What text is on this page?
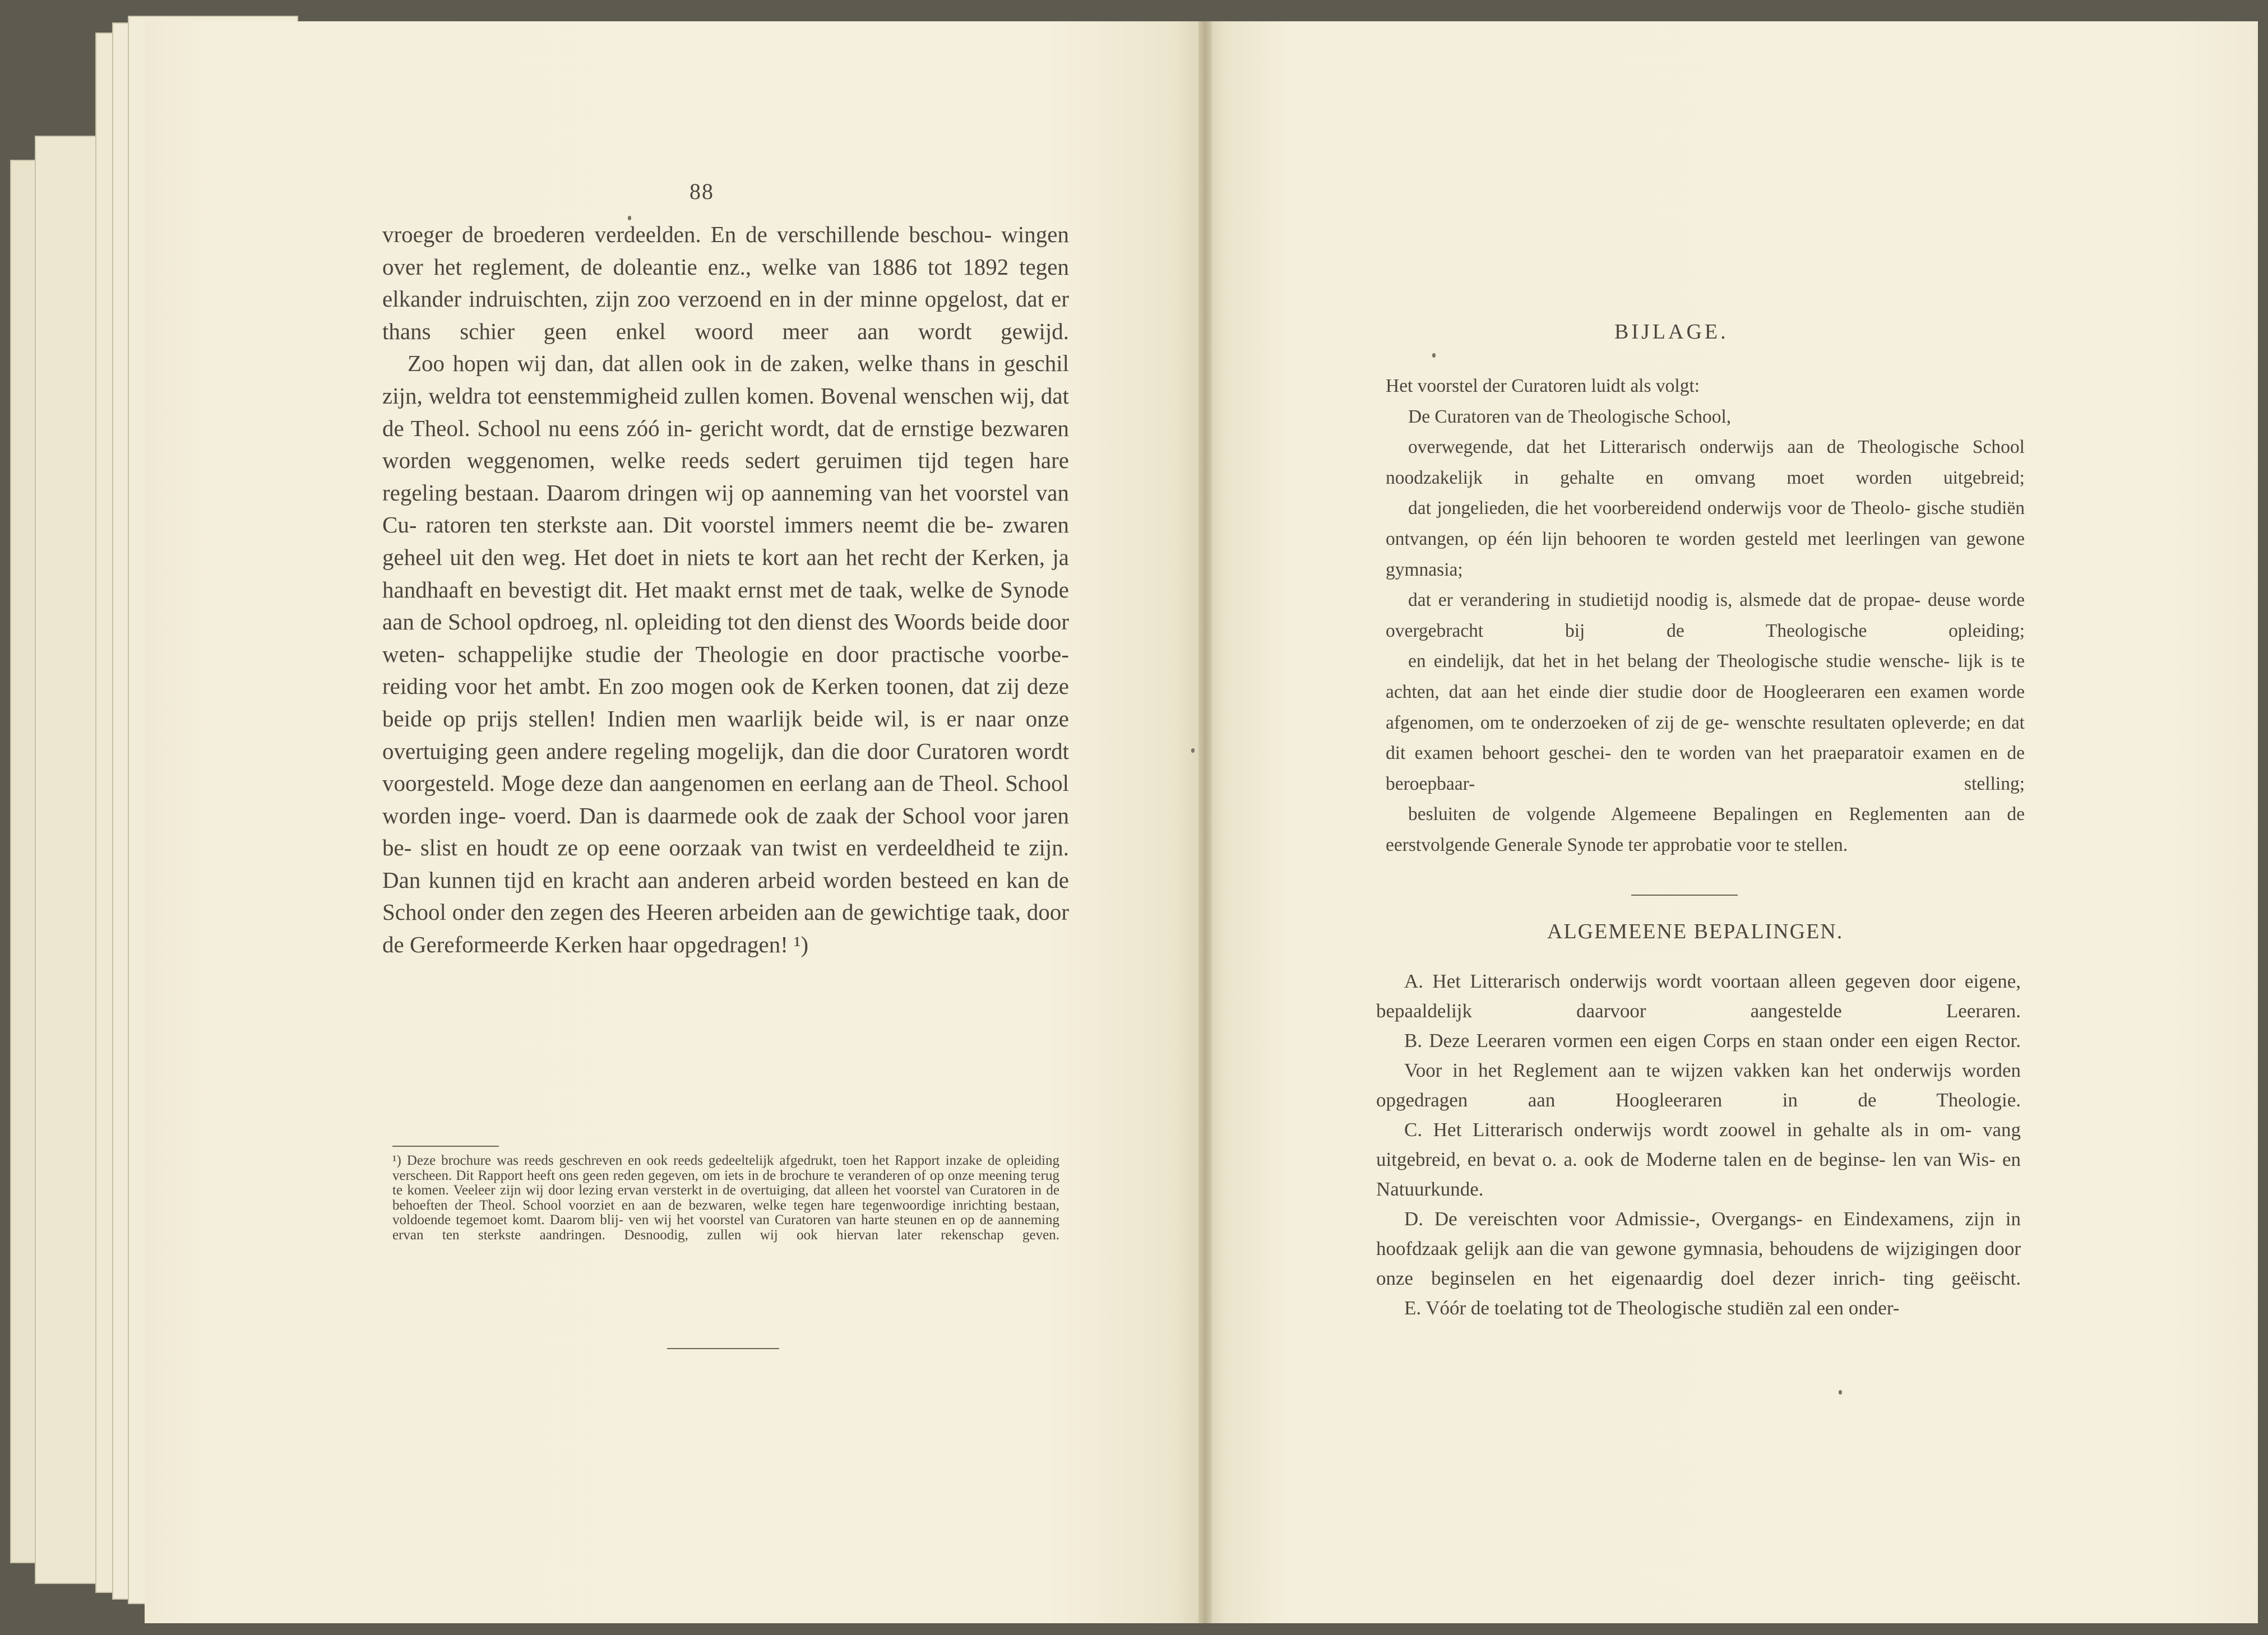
88

vroeger de broederen verdeelden. En de verschillende beschou- wingen over het reglement, de doleantie enz., welke van 1886 tot 1892 tegen elkander indruischten, zijn zoo verzoend en in der minne opgelost, dat er thans schier geen enkel woord meer aan wordt gewijd.

Zoo hopen wij dan, dat allen ook in de zaken, welke thans in geschil zijn, weldra tot eenstemmigheid zullen komen. Bovenal wenschen wij, dat de Theol. School nu eens zóó in- gericht wordt, dat de ernstige bezwaren worden weggenomen, welke reeds sedert geruimen tijd tegen hare regeling bestaan. Daarom dringen wij op aanneming van het voorstel van Cu- ratoren ten sterkste aan. Dit voorstel immers neemt die be- zwaren geheel uit den weg. Het doet in niets te kort aan het recht der Kerken, ja handhaaft en bevestigt dit. Het maakt ernst met de taak, welke de Synode aan de School opdroeg, nl. opleiding tot den dienst des Woords beide door weten- schappelijke studie der Theologie en door practische voorbe- reiding voor het ambt. En zoo mogen ook de Kerken toonen, dat zij deze beide op prijs stellen! Indien men waarlijk beide wil, is er naar onze overtuiging geen andere regeling mogelijk, dan die door Curatoren wordt voorgesteld. Moge deze dan aangenomen en eerlang aan de Theol. School worden inge- voerd. Dan is daarmede ook de zaak der School voor jaren be- slist en houdt ze op eene oorzaak van twist en verdeeldheid te zijn. Dan kunnen tijd en kracht aan anderen arbeid worden besteed en kan de School onder den zegen des Heeren arbeiden aan de gewichtige taak, door de Gereformeerde Kerken haar opgedragen! ¹)

¹) Deze brochure was reeds geschreven en ook reeds gedeeltelijk afgedrukt, toen het Rapport inzake de opleiding verscheen. Dit Rapport heeft ons geen reden gegeven, om iets in de brochure te veranderen of op onze meening terug te komen. Veeleer zijn wij door lezing ervan versterkt in de overtuiging, dat alleen het voorstel van Curatoren in de behoeften der Theol. School voorziet en aan de bezwaren, welke tegen hare tegenwoordige inrichting bestaan, voldoende tegemoet komt. Daarom blij- ven wij het voorstel van Curatoren van harte steunen en op de aanneming ervan ten sterkste aandringen. Desnoodig, zullen wij ook hiervan later rekenschap geven.

BIJLAGE.

Het voorstel der Curatoren luidt als volgt:

De Curatoren van de Theologische School,

overwegende, dat het Litterarisch onderwijs aan de Theologische School noodzakelijk in gehalte en omvang moet worden uitgebreid;

dat jongelieden, die het voorbereidend onderwijs voor de Theolo- gische studiën ontvangen, op één lijn behooren te worden gesteld met leerlingen van gewone gymnasia;

dat er verandering in studietijd noodig is, alsmede dat de propae- deuse worde overgebracht bij de Theologische opleiding;

en eindelijk, dat het in het belang der Theologische studie wensche- lijk is te achten, dat aan het einde dier studie door de Hoogleeraren een examen worde afgenomen, om te onderzoeken of zij de ge- wenschte resultaten opleverde; en dat dit examen behoort geschei- den te worden van het praeparatoir examen en de beroepbaar- stelling;

besluiten de volgende Algemeene Bepalingen en Reglementen aan de eerstvolgende Generale Synode ter approbatie voor te stellen.

ALGEMEENE BEPALINGEN.

A. Het Litterarisch onderwijs wordt voortaan alleen gegeven door eigene, bepaaldelijk daarvoor aangestelde Leeraren.

B. Deze Leeraren vormen een eigen Corps en staan onder een eigen Rector.

Voor in het Reglement aan te wijzen vakken kan het onderwijs worden opgedragen aan Hoogleeraren in de Theologie.

C. Het Litterarisch onderwijs wordt zoowel in gehalte als in om- vang uitgebreid, en bevat o. a. ook de Moderne talen en de beginse- len van Wis- en Natuurkunde.

D. De vereischten voor Admissie-, Overgangs- en Eindexamens, zijn in hoofdzaak gelijk aan die van gewone gymnasia, behoudens de wijzigingen door onze beginselen en het eigenaardig doel dezer inrich- ting geëischt.

E. Vóór de toelating tot de Theologische studiën zal een onder-
